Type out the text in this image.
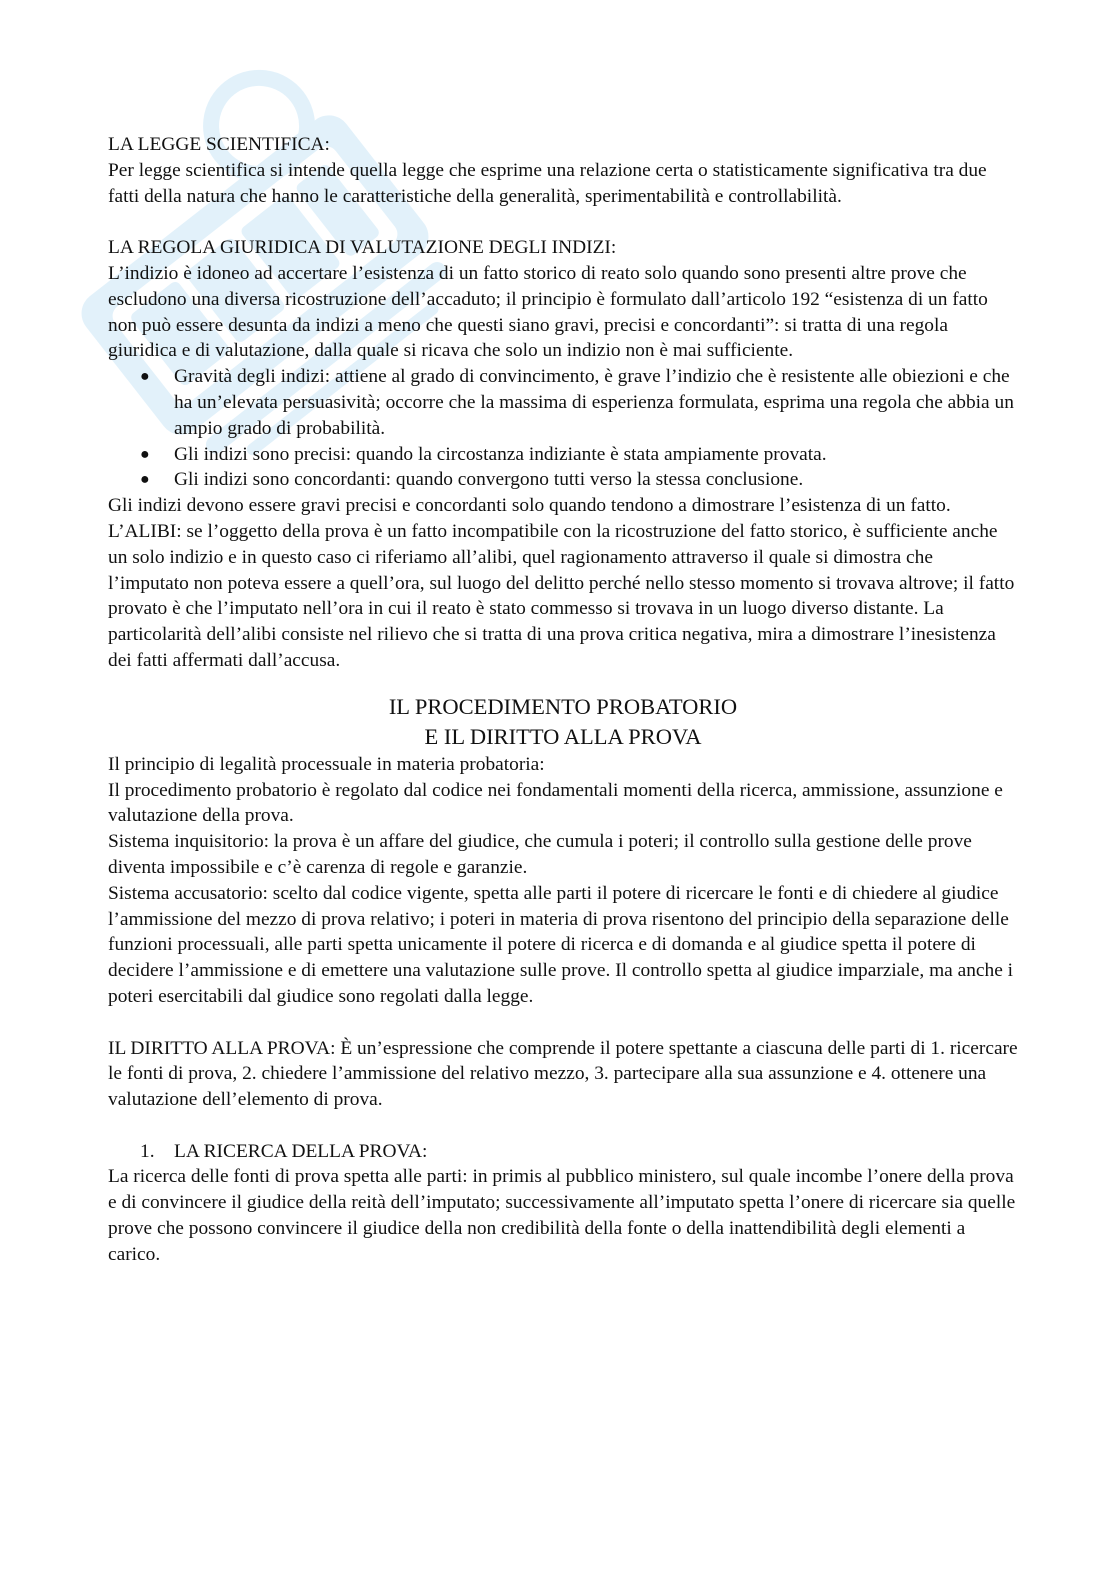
LA LEGGE SCIENTIFICA:

Per legge scientifica si intende quella legge che esprime una relazione certa o statisticamente significativa tra due fatti della natura che hanno le caratteristiche della generalità, sperimentabilità e controllabilità.

LA REGOLA GIURIDICA DI VALUTAZIONE DEGLI INDIZI:

L’indizio è idoneo ad accertare l’esistenza di un fatto storico di reato solo quando sono presenti altre prove che escludono una diversa ricostruzione dell’accaduto; il principio è formulato dall’articolo 192 “esistenza di un fatto non può essere desunta da indizi a meno che questi siano gravi, precisi e concordanti”: si tratta di una regola giuridica e di valutazione, dalla quale si ricava che solo un indizio non è mai sufficiente.

● Gravità degli indizi: attiene al grado di convincimento, è grave l’indizio che è resistente alle obiezioni e che ha un’elevata persuasività; occorre che la massima di esperienza formulata, esprima una regola che abbia un ampio grado di probabilità.
● Gli indizi sono precisi: quando la circostanza indiziante è stata ampiamente provata.
● Gli indizi sono concordanti: quando convergono tutti verso la stessa conclusione.

Gli indizi devono essere gravi precisi e concordanti solo quando tendono a dimostrare l’esistenza di un fatto.

L’ALIBI: se l’oggetto della prova è un fatto incompatibile con la ricostruzione del fatto storico, è sufficiente anche un solo indizio e in questo caso ci riferiamo all’alibi, quel ragionamento attraverso il quale si dimostra che l’imputato non poteva essere a quell’ora, sul luogo del delitto perché nello stesso momento si trovava altrove; il fatto provato è che l’imputato nell’ora in cui il reato è stato commesso si trovava in un luogo diverso distante. La particolarità dell’alibi consiste nel rilievo che si tratta di una prova critica negativa, mira a dimostrare l’inesistenza dei fatti affermati dall’accusa.

IL PROCEDIMENTO PROBATORIO

E IL DIRITTO ALLA PROVA

Il principio di legalità processuale in materia probatoria:

Il procedimento probatorio è regolato dal codice nei fondamentali momenti della ricerca, ammissione, assunzione e valutazione della prova.

Sistema inquisitorio: la prova è un affare del giudice, che cumula i poteri; il controllo sulla gestione delle prove diventa impossibile e c’è carenza di regole e garanzie.

Sistema accusatorio: scelto dal codice vigente, spetta alle parti il potere di ricercare le fonti e di chiedere al giudice l’ammissione del mezzo di prova relativo; i poteri in materia di prova risentono del principio della separazione delle funzioni processuali, alle parti spetta unicamente il potere di ricerca e di domanda e al giudice spetta il potere di decidere l’ammissione e di emettere una valutazione sulle prove. Il controllo spetta al giudice imparziale, ma anche i poteri esercitabili dal giudice sono regolati dalla legge.

IL DIRITTO ALLA PROVA: È un’espressione che comprende il potere spettante a ciascuna delle parti di 1. ricercare le fonti di prova, 2. chiedere l’ammissione del relativo mezzo, 3. partecipare alla sua assunzione e 4. ottenere una valutazione dell’elemento di prova.

1. LA RICERCA DELLA PROVA:

La ricerca delle fonti di prova spetta alle parti: in primis al pubblico ministero, sul quale incombe l’onere della prova e di convincere il giudice della reità dell’imputato; successivamente all’imputato spetta l’onere di ricercare sia quelle prove che possono convincere il giudice della non credibilità della fonte o della inattendibilità degli elementi a carico.
